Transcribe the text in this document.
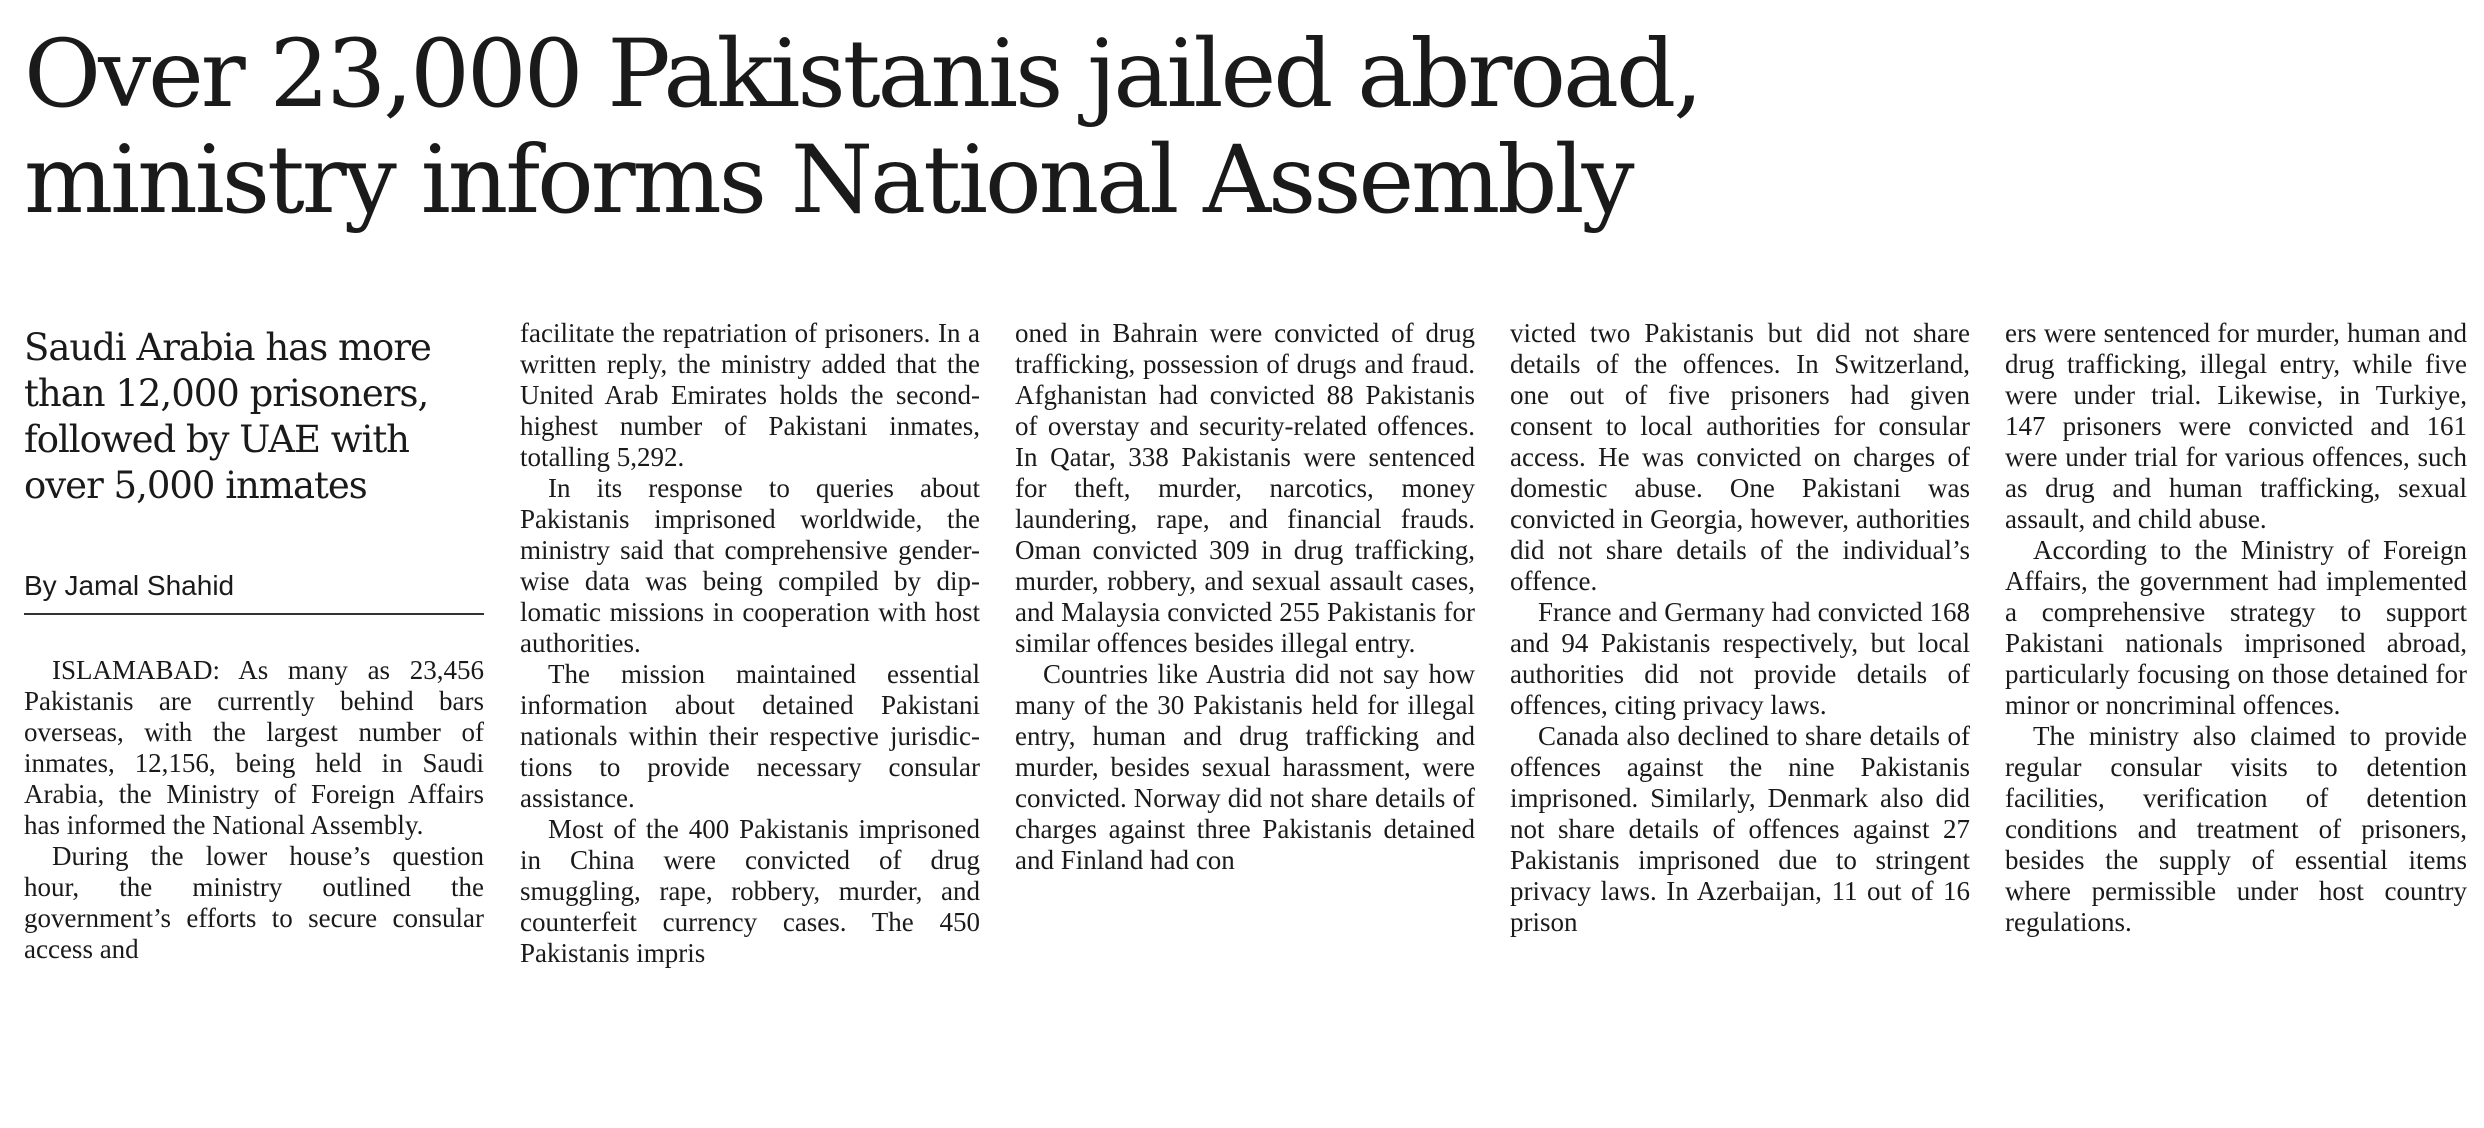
Over 23,000 Pakistanis jailed abroad,
ministry informs National Assembly
Saudi Arabia has more than 12,000 prisoners, followed by UAE with over 5,000 inmates
By Jamal Shahid

ISLAMABAD: As many as 23,456 Pakistanis are currently behind bars overseas, with the largest number of inmates, 12,156, being held in Saudi Arabia, the Ministry of Foreign Affairs has informed the National Assembly.

During the lower house’s question hour, the ministry outlined the government’s efforts to secure consular access and

facilitate the repatriation of prisoners. In a written reply, the ministry added that the United Arab Emirates holds the secondhighest number of Pakistani inmates, totalling 5,292.

In its response to queries about Pakistanis imprisoned worldwide, the ministry said that comprehensive gender-wise data was being compiled by diplomatic missions in cooperation with host authorities.

The mission maintained essential information about detained Pakistani nationals within their respective jurisdictions to provide necessary consular assistance.

Most of the 400 Pakistanis imprisoned in China were convicted of drug smuggling, rape, robbery, murder, and counterfeit currency cases. The 450 Pakistanis impris

oned in Bahrain were convicted of drug trafficking, possession of drugs and fraud. Afghanistan had convicted 88 Pakistanis of overstay and security-related offences. In Qatar, 338 Pakistanis were sentenced for theft, murder, narcotics, money laundering, rape, and financial frauds. Oman convicted 309 in drug trafficking, murder, robbery, and sexual assault cases, and Malaysia convicted 255 Pakistanis for similar offences besides illegal entry.

Countries like Austria did not say how many of the 30 Pakistanis held for illegal entry, human and drug trafficking and murder, besides sexual harassment, were convicted. Norway did not share details of charges against three Pakistanis detained and Finland had con

victed two Pakistanis but did not share details of the offences. In Switzerland, one out of five prisoners had given consent to local authorities for consular access. He was convicted on charges of domestic abuse. One Pakistani was convicted in Georgia, however, authorities did not share details of the individual’s offence.

France and Germany had convicted 168 and 94 Pakistanis respectively, but local authorities did not provide details of offences, citing privacy laws.

Canada also declined to share details of offences against the nine Pakistanis imprisoned. Similarly, Denmark also did not share details of offences against 27 Pakistanis imprisoned due to stringent privacy laws. In Azerbaijan, 11 out of 16 prison

ers were sentenced for murder, human and drug trafficking, illegal entry, while five were under trial. Likewise, in Turkiye, 147 prisoners were convicted and 161 were under trial for various offences, such as drug and human trafficking, sexual assault, and child abuse.

According to the Ministry of Foreign Affairs, the government had implemented a comprehensive strategy to support Pakistani nationals imprisoned abroad, particularly focusing on those detained for minor or noncriminal offences.

The ministry also claimed to provide regular consular visits to detention facilities, verification of detention conditions and treatment of prisoners, besides the supply of essential items where permissible under host country regulations.
